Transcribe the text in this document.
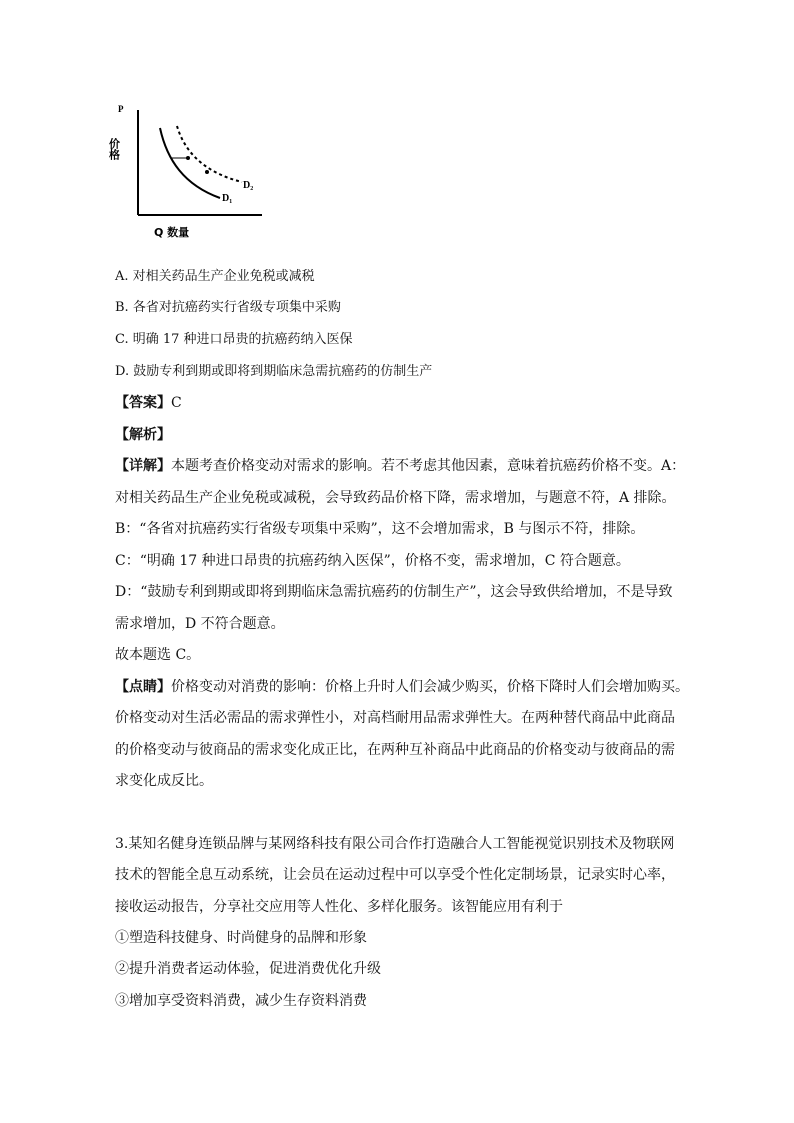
P
价格
D₂
D₁
Q 数量
A. 对相关药品生产企业免税或减税
B. 各省对抗癌药实行省级专项集中采购
C. 明确 17 种进口昂贵的抗癌药纳入医保
D. 鼓励专利到期或即将到期临床急需抗癌药的仿制生产
【答案】C
【解析】
【详解】本题考查价格变动对需求的影响。若不考虑其他因素，意味着抗癌药价格不变。A：
对相关药品生产企业免税或减税，会导致药品价格下降，需求增加，与题意不符，A 排除。
B：“各省对抗癌药实行省级专项集中采购”，这不会增加需求，B 与图示不符，排除。
C：“明确 17 种进口昂贵的抗癌药纳入医保”，价格不变，需求增加，C 符合题意。
D：“鼓励专利到期或即将到期临床急需抗癌药的仿制生产”，这会导致供给增加，不是导致
需求增加，D 不符合题意。
故本题选 C。
【点睛】价格变动对消费的影响：价格上升时人们会减少购买，价格下降时人们会增加购买。
价格变动对生活必需品的需求弹性小，对高档耐用品需求弹性大。在两种替代商品中此商品
的价格变动与彼商品的需求变化成正比，在两种互补商品中此商品的价格变动与彼商品的需
求变化成反比。
3.某知名健身连锁品牌与某网络科技有限公司合作打造融合人工智能视觉识别技术及物联网
技术的智能全息互动系统，让会员在运动过程中可以享受个性化定制场景，记录实时心率，
接收运动报告，分享社交应用等人性化、多样化服务。该智能应用有利于
①塑造科技健身、时尚健身的品牌和形象
②提升消费者运动体验，促进消费优化升级
③增加享受资料消费，减少生存资料消费
